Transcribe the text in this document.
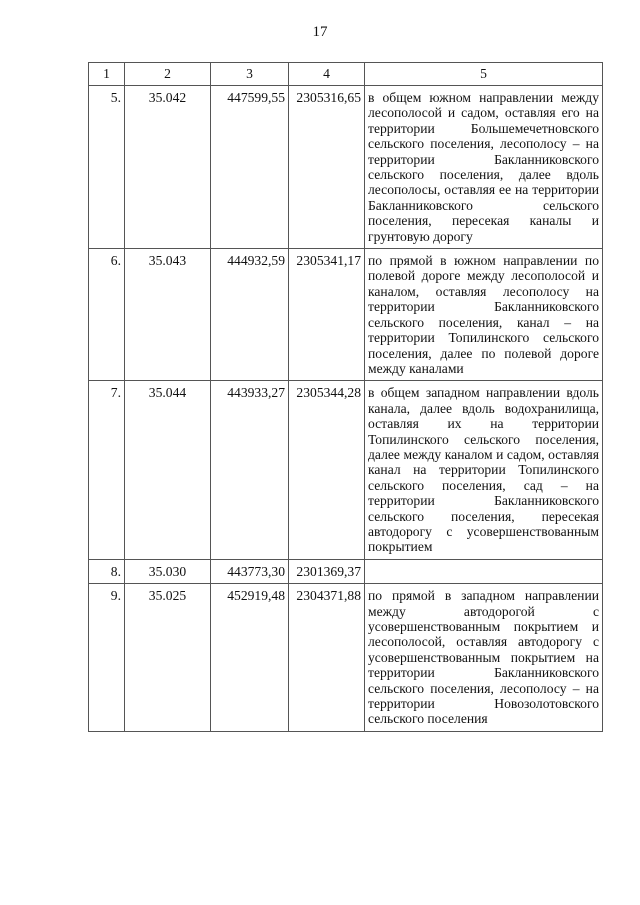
17
1	2	3	4	5
5.	35.042	447599,55	2305316,65	в общем южном направлении между лесополосой и садом, оставляя его на территории Большемечетновского сельского поселения, лесополосу – на территории Бакланниковского сельского поселения, далее вдоль лесополосы, оставляя ее на территории Бакланниковского сельского поселения, пересекая каналы и грунтовую дорогу
6.	35.043	444932,59	2305341,17	по прямой в южном направлении по полевой дороге между лесополосой и каналом, оставляя лесополосу на территории Бакланниковского сельского поселения, канал – на территории Топилинского сельского поселения, далее по полевой дороге между каналами
7.	35.044	443933,27	2305344,28	в общем западном направлении вдоль канала, далее вдоль водохранилища, оставляя их на территории Топилинского сельского поселения, далее между каналом и садом, оставляя канал на территории Топилинского сельского поселения, сад – на территории Бакланниковского сельского поселения, пересекая автодорогу с усовершенствованным покрытием
8.	35.030	443773,30	2301369,37	
9.	35.025	452919,48	2304371,88	по прямой в западном направлении между автодорогой с усовершенствованным покрытием и лесополосой, оставляя автодорогу с усовершенствованным покрытием на территории Бакланниковского сельского поселения, лесополосу – на территории Новозолотовского сельского поселения
